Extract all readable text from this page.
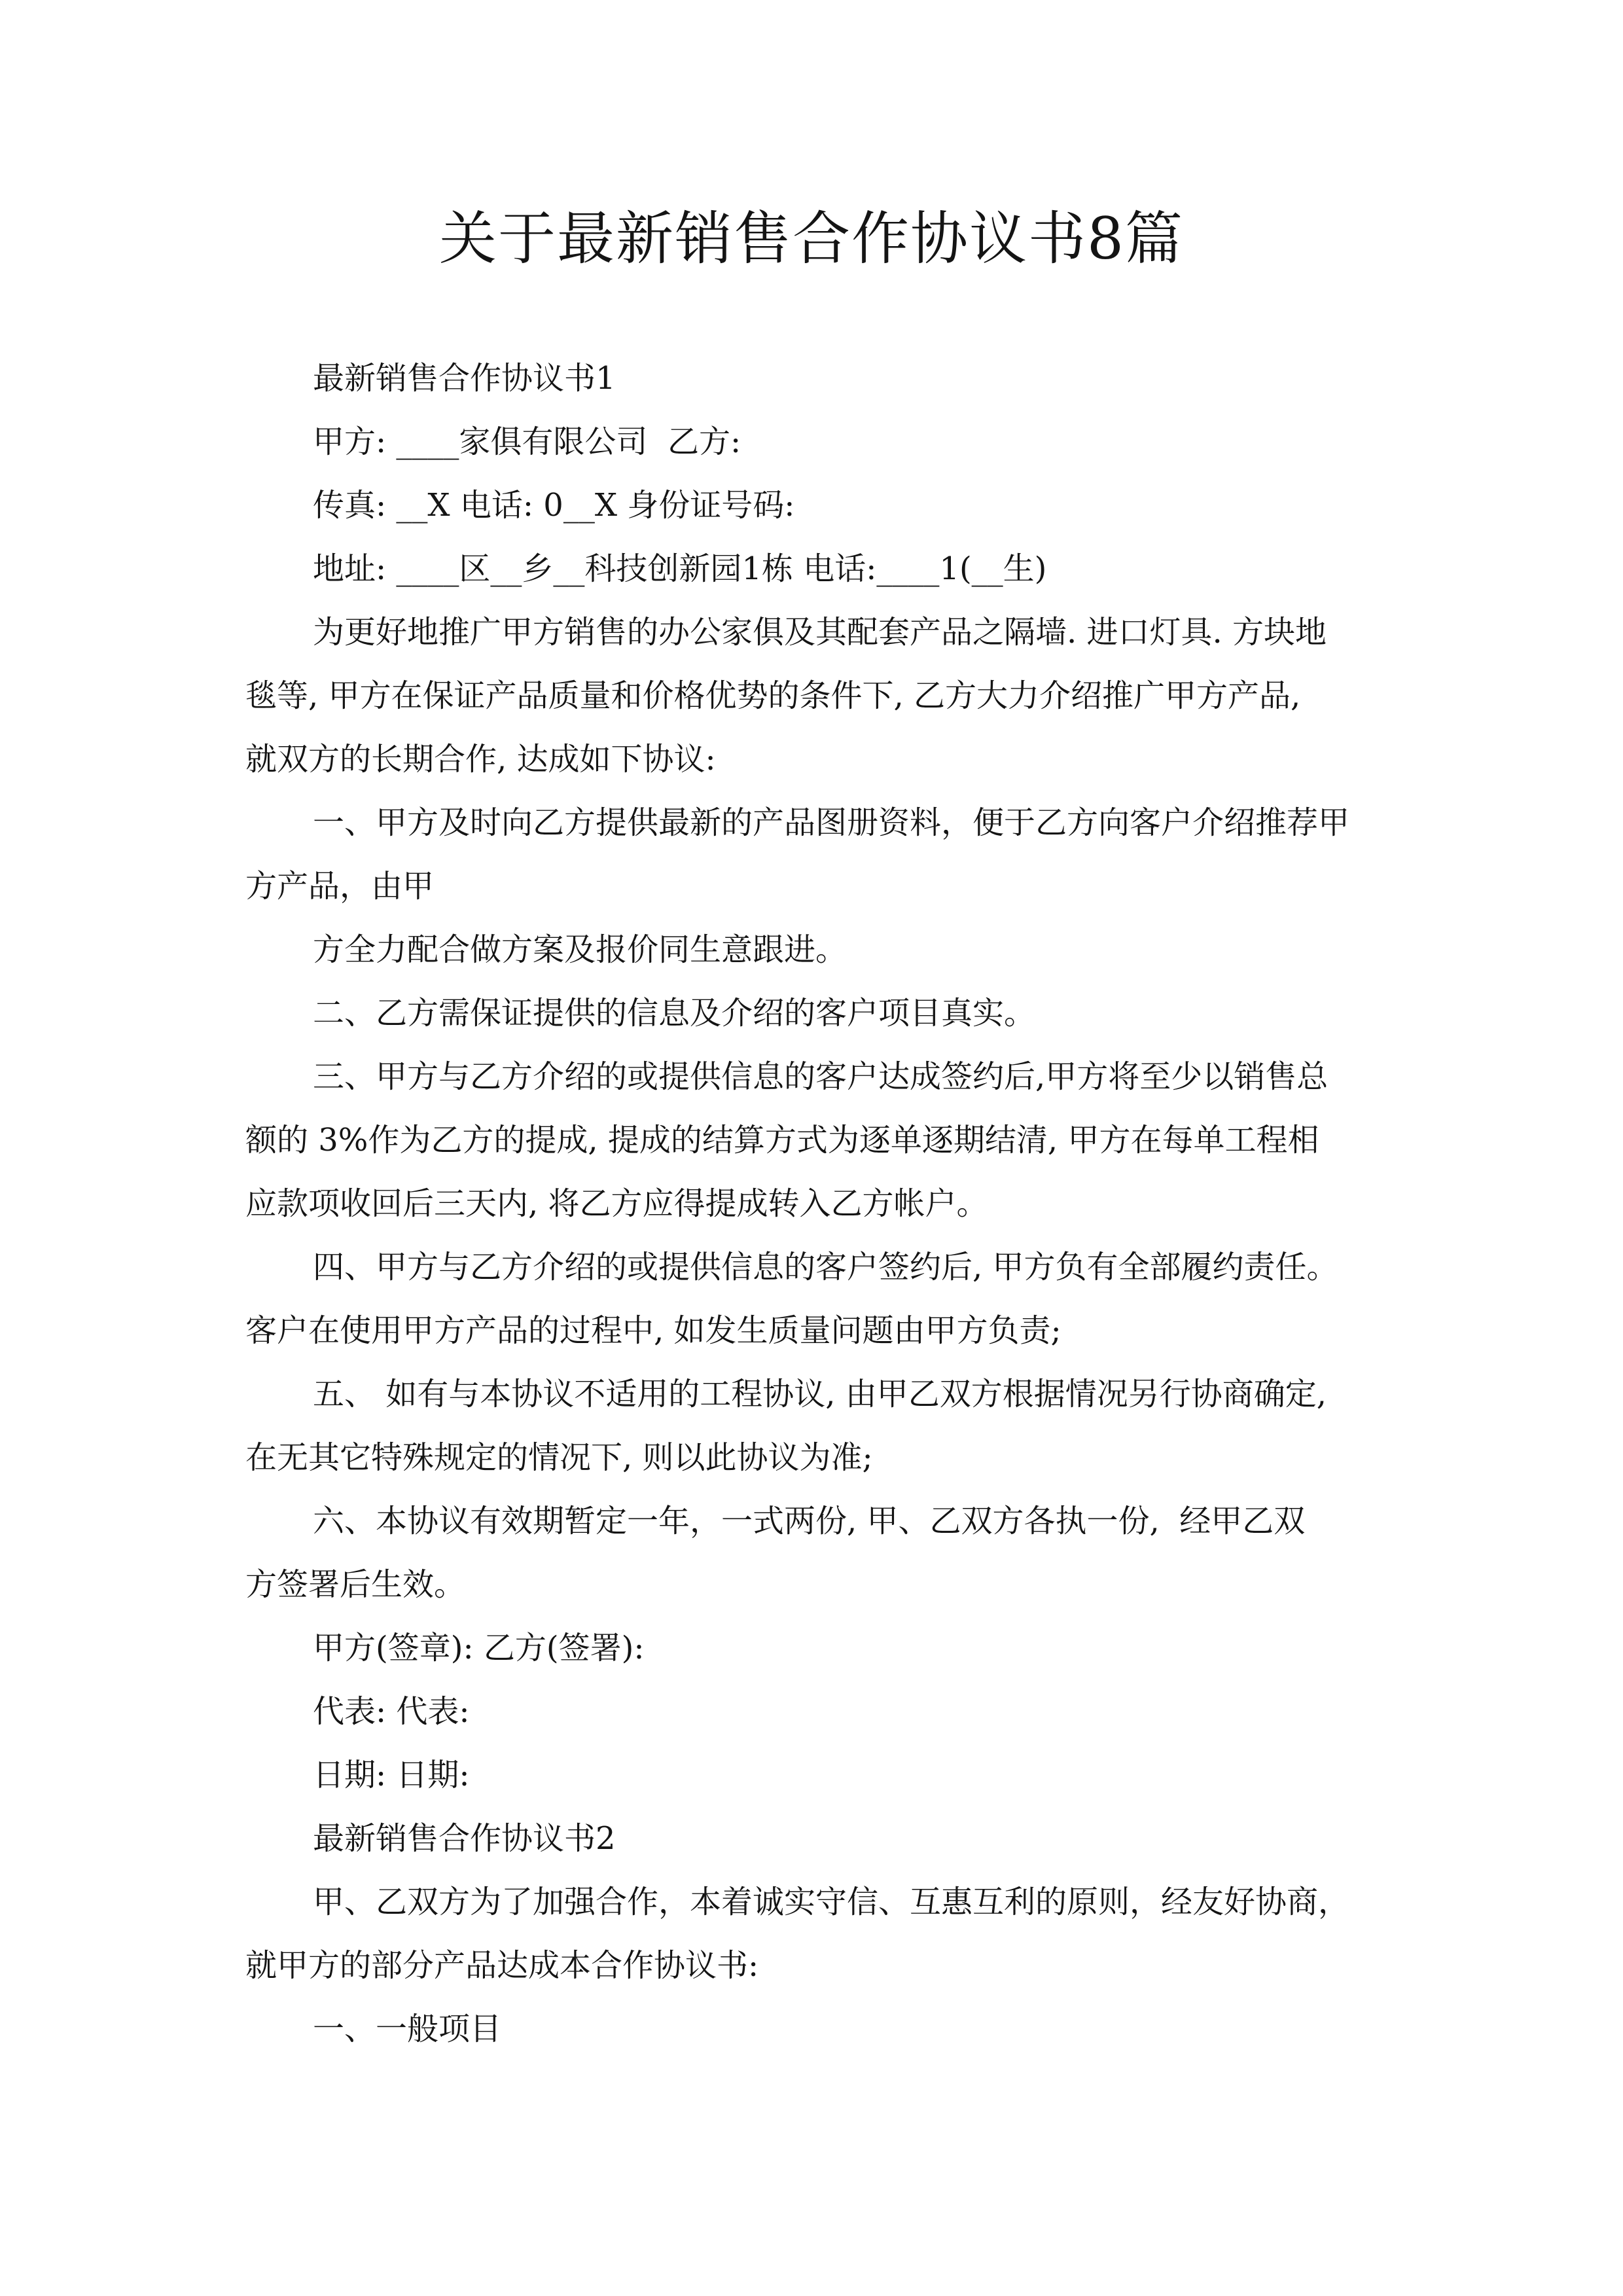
关于最新销售合作协议书8篇

最新销售合作协议书1

甲方: ____家俱有限公司  乙方:

传真: __X 电话: 0__X 身份证号码:

地址: ____区__乡__科技创新园1栋 电话:____1(__生)

为更好地推广甲方销售的办公家俱及其配套产品之隔墙. 进口灯具. 方块地

毯等, 甲方在保证产品质量和价格优势的条件下, 乙方大力介绍推广甲方产品,

就双方的长期合作, 达成如下协议:

一、甲方及时向乙方提供最新的产品图册资料，便于乙方向客户介绍推荐甲

方产品，由甲

方全力配合做方案及报价同生意跟进。

二、乙方需保证提供的信息及介绍的客户项目真实。

三、甲方与乙方介绍的或提供信息的客户达成签约后,甲方将至少以销售总

额的 3%作为乙方的提成, 提成的结算方式为逐单逐期结清, 甲方在每单工程相

应款项收回后三天内, 将乙方应得提成转入乙方帐户。

四、甲方与乙方介绍的或提供信息的客户签约后, 甲方负有全部履约责任。

客户在使用甲方产品的过程中, 如发生质量问题由甲方负责;

五、 如有与本协议不适用的工程协议, 由甲乙双方根据情况另行协商确定,

在无其它特殊规定的情况下, 则以此协议为准;

六、本协议有效期暂定一年，一式两份, 甲、乙双方各执一份,  经甲乙双

方签署后生效。

甲方(签章): 乙方(签署):

代表: 代表:

日期: 日期:

最新销售合作协议书2

甲、乙双方为了加强合作，本着诚实守信、互惠互利的原则，经友好协商，

就甲方的部分产品达成本合作协议书:

一、一般项目
